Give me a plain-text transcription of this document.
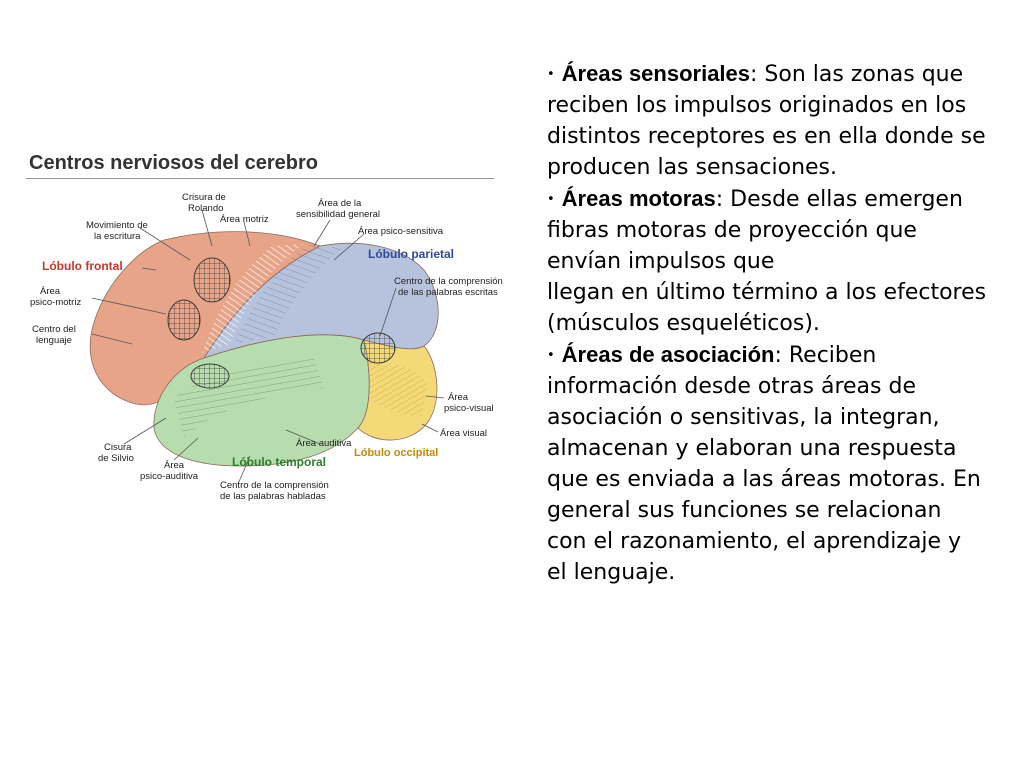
Centros nerviosos del cerebro
Crisura de Rolando
Área motriz
Área de la sensibilidad general
Movimiento de la escritura	Área psico-sensitiva
Lóbulo parietal
Lóbulo frontal
Centro de la comprensión de las palabras escritas
Área psico-motriz
Centro del lenguaje
Área psico-visual
Área visual
Área auditiva
Cisura de Silvio	Lóbulo temporal
Lóbulo occipital
Área psico-auditiva
Centro de la comprensión de las palabras habladas

• Áreas sensoriales: Son las zonas que reciben los impulsos originados en los distintos receptores es en ella donde se producen las sensaciones.

• Áreas motoras: Desde ellas emergen fibras motoras de proyección que envían impulsos que

llegan en último término a los efectores (músculos esqueléticos).

• Áreas de asociación: Reciben información desde otras áreas de asociación o sensitivas, la integran, almacenan y elaboran una respuesta que es enviada a las áreas motoras. En

general sus funciones se relacionan con el razonamiento, el aprendizaje y el lenguaje.
